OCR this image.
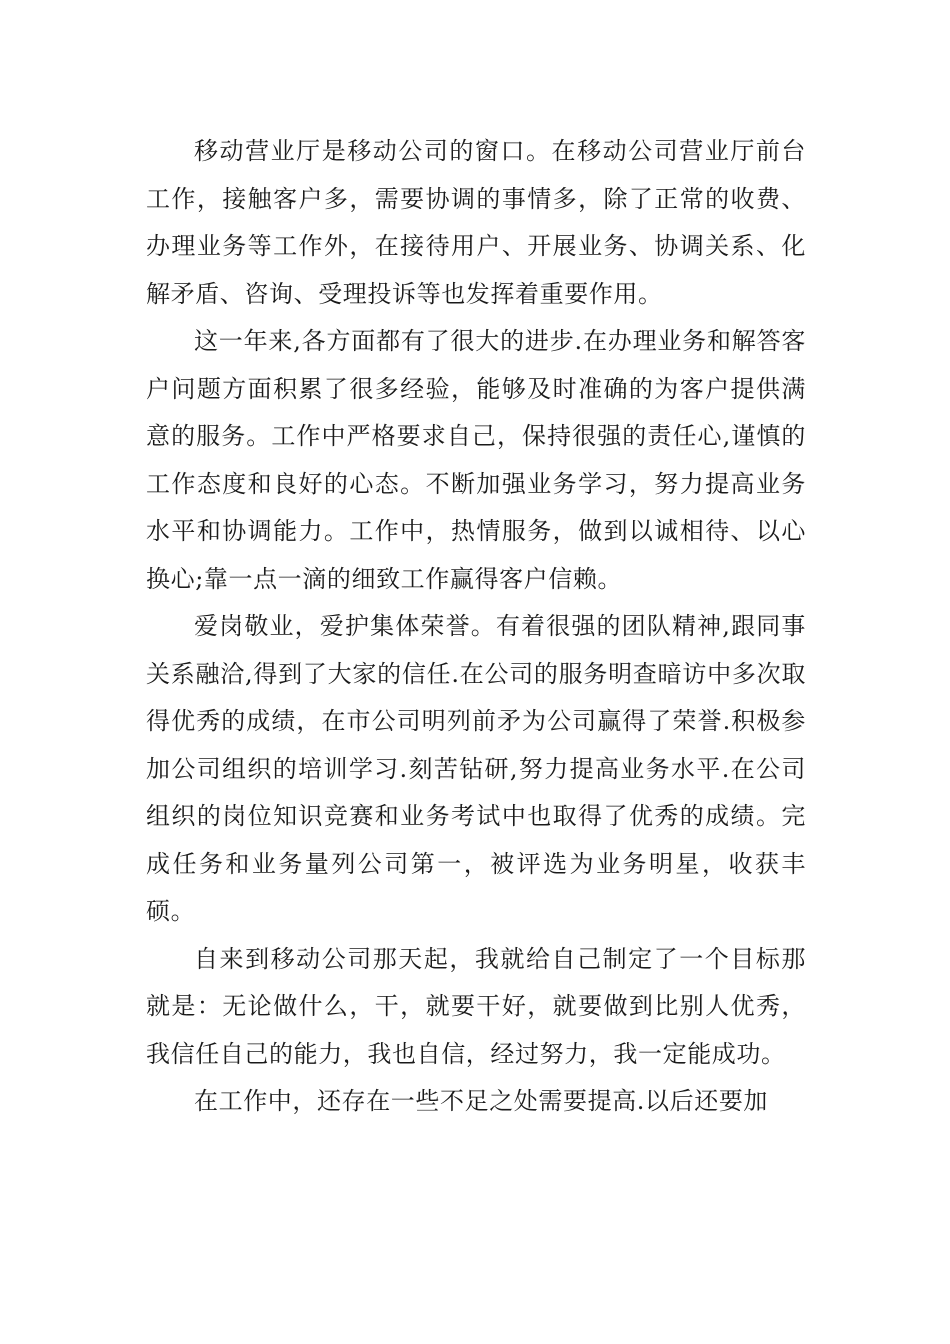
移动营业厅是移动公司的窗口。在移动公司营业厅前台工作，接触客户多，需要协调的事情多，除了正常的收费、办理业务等工作外，在接待用户、开展业务、协调关系、化解矛盾、咨询、受理投诉等也发挥着重要作用。

这一年来,各方面都有了很大的进步.在办理业务和解答客户问题方面积累了很多经验，能够及时准确的为客户提供满意的服务。工作中严格要求自己，保持很强的责任心,谨慎的工作态度和良好的心态。不断加强业务学习，努力提高业务水平和协调能力。工作中，热情服务，做到以诚相待、以心换心;靠一点一滴的细致工作赢得客户信赖。

爱岗敬业，爱护集体荣誉。有着很强的团队精神,跟同事关系融洽,得到了大家的信任.在公司的服务明查暗访中多次取得优秀的成绩，在市公司明列前矛为公司赢得了荣誉.积极参加公司组织的培训学习.刻苦钻研,努力提高业务水平.在公司组织的岗位知识竞赛和业务考试中也取得了优秀的成绩。完成任务和业务量列公司第一，被评选为业务明星，收获丰硕。

自来到移动公司那天起，我就给自己制定了一个目标那就是：无论做什么，干，就要干好，就要做到比别人优秀，我信任自己的能力，我也自信，经过努力，我一定能成功。

在工作中，还存在一些不足之处需要提高.以后还要加
